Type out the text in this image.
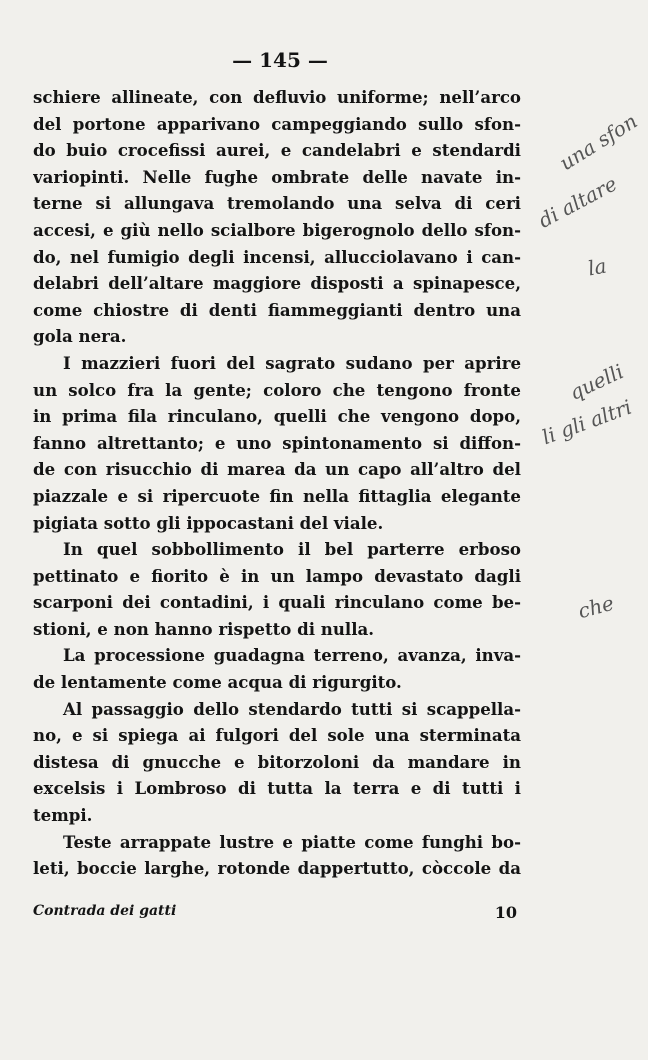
— 145 —
schiere allineate, con defluvio uniforme; nell’arco
del portone apparivano campeggiando sullo sfon-
do buio crocefissi aurei, e candelabri e stendardi
variopinti. Nelle fughe ombrate delle navate in-
terne si allungava tremolando una selva di ceri
accesi, e giù nello scialbore bigerognolo dello sfon-
do, nel fumigio degli incensi, allucciolavano i can-
delabri dell’altare maggiore disposti a spinapesce,
come chiostre di denti fiammeggianti dentro una
gola nera.
I mazzieri fuori del sagrato sudano per aprire
un solco fra la gente; coloro che tengono fronte
in prima fila rinculano, quelli che vengono dopo,
fanno altrettanto; e uno spintonamento si diffon-
de con risucchio di marea da un capo all’altro del
piazzale e si ripercuote fin nella fittaglia elegante
pigiata sotto gli ippocastani del viale.
In quel sobbollimento il bel parterre erboso
pettinato e fiorito è in un lampo devastato dagli
scarponi dei contadini, i quali rinculano come be-
stioni, e non hanno rispetto di nulla.
La processione guadagna terreno, avanza, inva-
de lentamente come acqua di rigurgito.
Al passaggio dello stendardo tutti si scappella-
no, e si spiega ai fulgori del sole una sterminata
distesa di gnucche e bitorzoloni da mandare in
excelsis i Lombroso di tutta la terra e di tutti i
tempi.
Teste arrappate lustre e piatte come funghi bo-
leti, boccie larghe, rotonde dappertutto, còccole da
Contrada dei gatti	10
una sfon
di altare
la
quelli
li gli altri
che
